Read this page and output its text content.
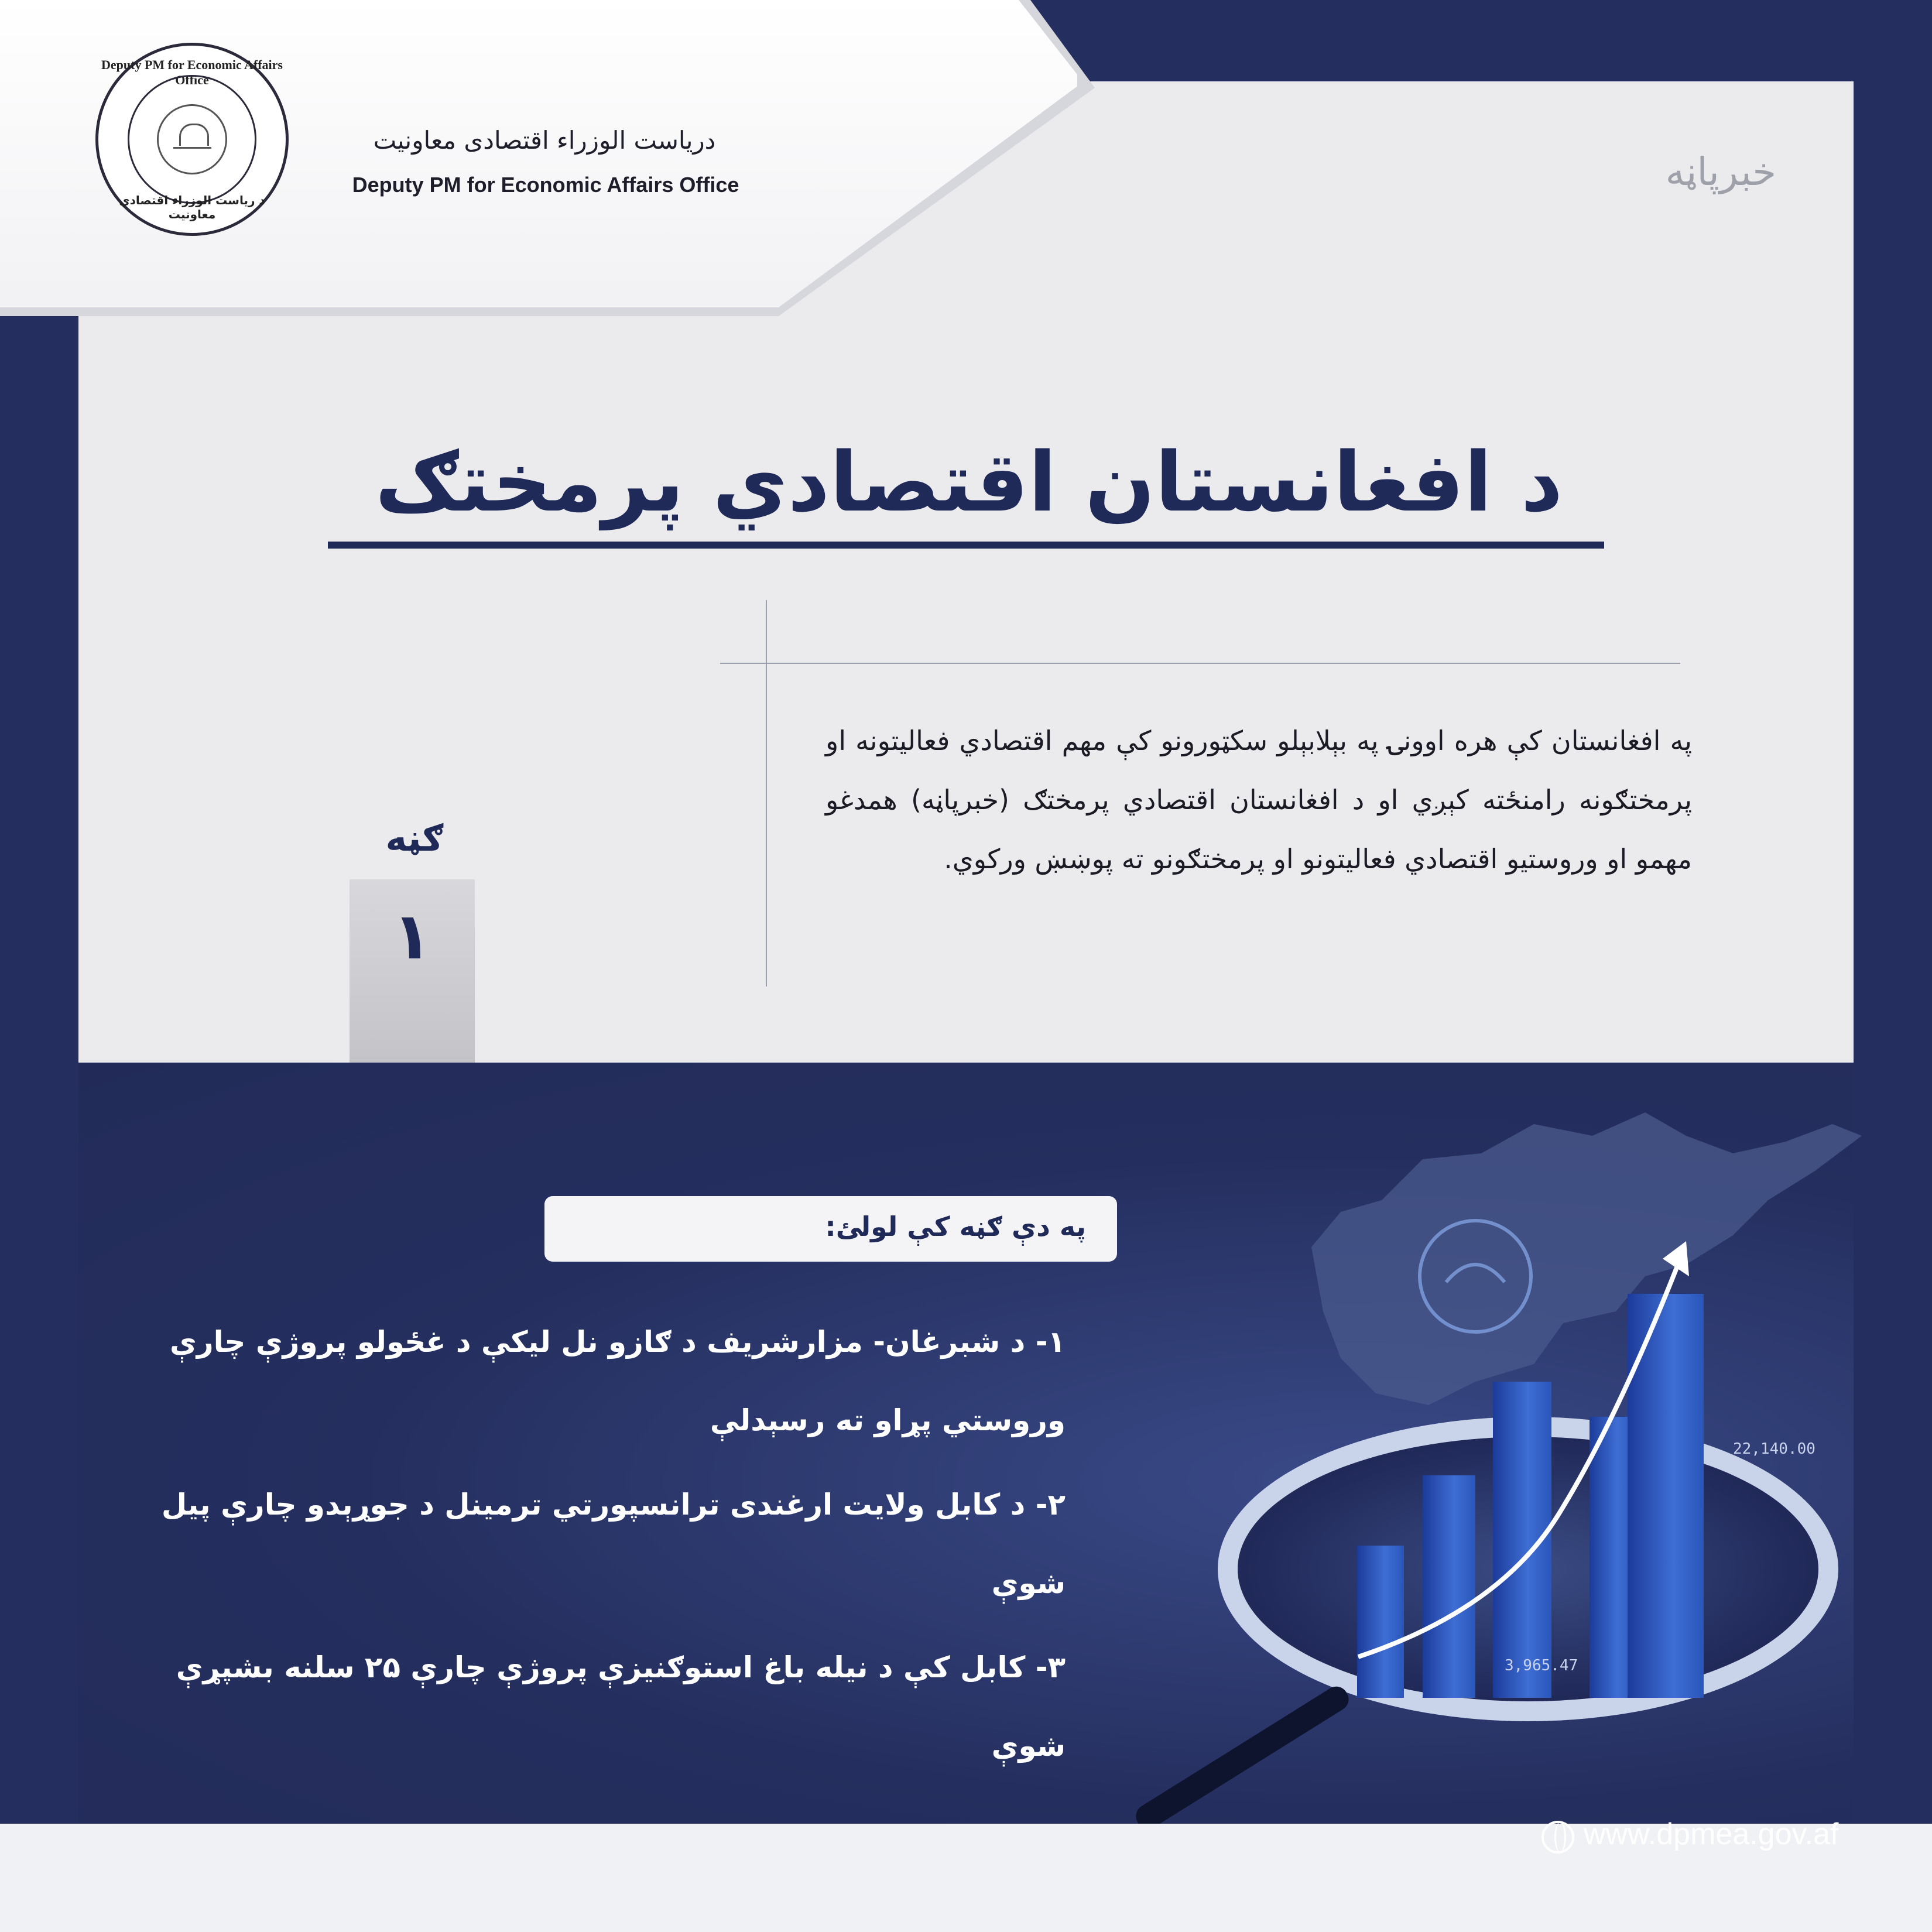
22,140.00
3,965.47
Deputy PM for Economic Affairs Office
د رياست الوزراء اقتصادي معاونيت
دریاست الوزراء اقتصادی معاونیت
Deputy PM for Economic Affairs Office	خبرپاڼه
د افغانستان اقتصادي پرمختګ
په افغانستان کې هره اوونۍ په بېلابېلو سکټورونو کې مهم اقتصادي فعالیتونه او پرمختګونه رامنځته کېږي او د افغانستان اقتصادي پرمختګ (خبرپاڼه) همدغو مهمو او وروستیو اقتصادي فعالیتونو او پرمختګونو ته پوښښ ورکوي.
ګڼه
۱
په دې ګڼه کې لولئ:
۱- د شبرغان- مزارشریف د ګازو نل لیکې د غځولو پروژې چارې وروستي پړاو ته رسېدلې
۲- د کابل ولایت ارغندی ترانسپورتي ترمینل د جوړېدو چارې پیل شوې
۳- کابل کې د نیله باغ استوګنیزې پروژې چارې ۲۵ سلنه بشپړې شوې
www.dpmea.gov.af
